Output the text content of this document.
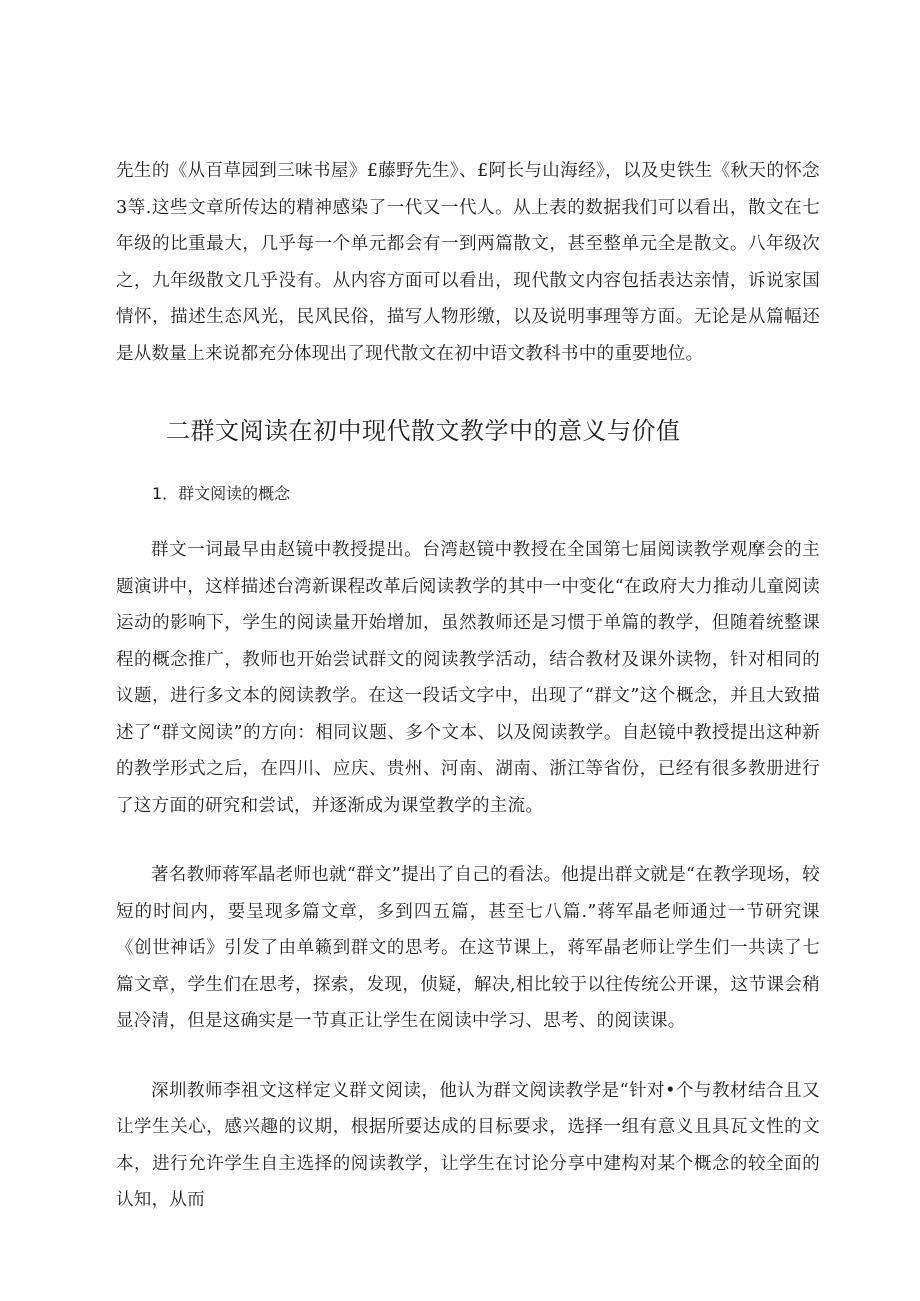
先生的《从百草园到三味书屋》£藤野先生》、£阿长与山海经》，以及史铁生《秋天的怀念3等.这些文章所传达的精神感染了一代又一代人。从上表的数据我们可以看出，散文在七年级的比重最大，几乎每一个单元都会有一到两篇散文，甚至整单元全是散文。八年级次之，九年级散文几乎没有。从内容方面可以看出，现代散文内容包括表达亲情，诉说家国情怀，描述生态风光，民风民俗，描写人物形缴，以及说明事理等方面。无论是从篇幅还是从数量上来说都充分体现出了现代散文在初中语文教科书中的重要地位。

二群文阅读在初中现代散文教学中的意义与价值
1．群文阅读的概念

群文一词最早由赵镜中教授提出。台湾赵镜中教授在全国第七届阅读教学观摩会的主题演讲中，这样描述台湾新课程改革后阅读教学的其中一中变化“在政府大力推动儿童阅读运动的影响下，学生的阅读量开始增加，虽然教师还是习惯于单篇的教学，但随着统整课程的概念推广，教师也开始尝试群文的阅读教学活动，结合教材及课外读物，针对相同的议题，进行多文本的阅读教学。在这一段话文字中，出现了“群文”这个概念，并且大致描述了“群文阅读”的方向：相同议题、多个文本、以及阅读教学。自赵镜中教授提出这种新的教学形式之后，在四川、应庆、贵州、河南、湖南、浙江等省份，已经有很多教册进行了这方面的研究和尝试，并逐渐成为课堂教学的主流。

著名教师蒋军晶老师也就“群文”提出了自己的看法。他提出群文就是“在教学现场，较短的时间内，要呈现多篇文章，多到四五篇，甚至七八篇.”蒋军晶老师通过一节研究课《创世神话》引发了由单籁到群文的思考。在这节课上，蒋军晶老师让学生们一共读了七篇文章，学生们在思考，探索，发现，侦疑，解决,相比较于以往传统公开课，这节课会稍显冷清，但是这确实是一节真正让学生在阅读中学习、思考、的阅读课。

深圳教师李祖文这样定义群文阅读，他认为群文阅读教学是“针对•个与教材结合且又让学生关心，感兴趣的议期，根据所要达成的目标要求，选择一组有意义且具瓦文性的文本，进行允许学生自主选择的阅读教学，让学生在讨论分享中建构对某个概念的较全面的认知，从而
